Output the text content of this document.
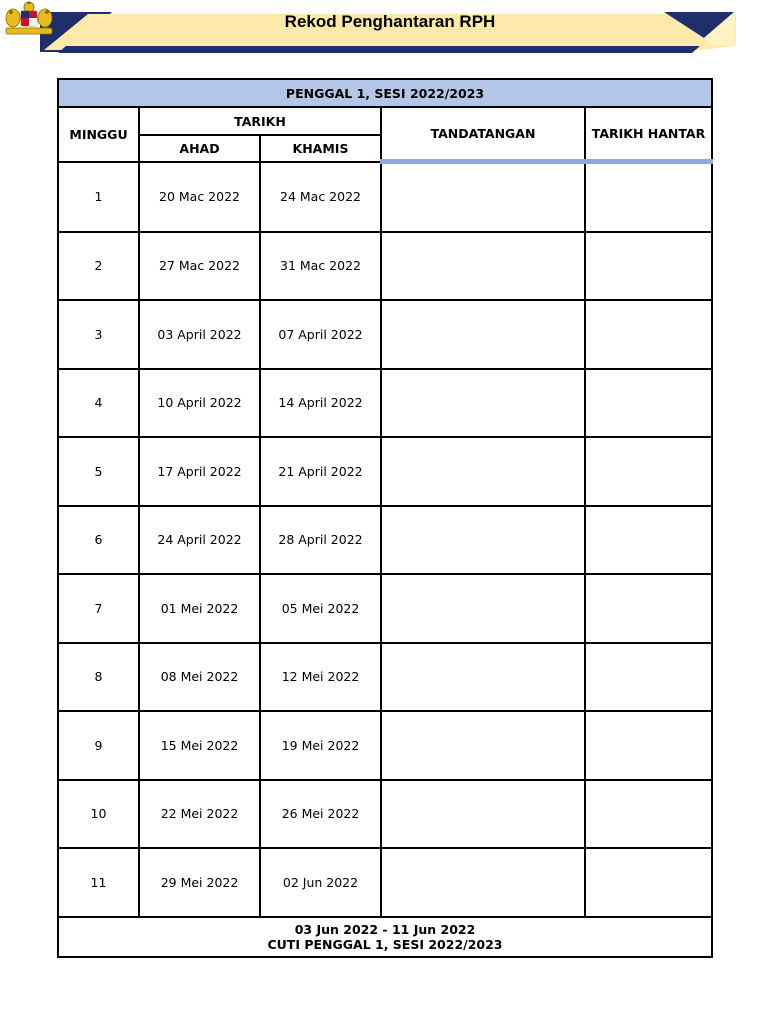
Rekod Penghantaran RPH
PENGGAL 1, SESI 2022/2023				
MINGGU	TARIKH		TANDATANGAN	TARIKH HANTAR
	AHAD	KHAMIS		
1	20 Mac 2022	24 Mac 2022		
2	27 Mac 2022	31 Mac 2022		
3	03 April 2022	07 April 2022		
4	10 April 2022	14 April 2022		
5	17 April 2022	21 April 2022		
6	24 April 2022	28 April 2022		
7	01 Mei 2022	05 Mei 2022		
8	08 Mei 2022	12 Mei 2022		
9	15 Mei 2022	19 Mei 2022		
10	22 Mei 2022	26 Mei 2022		
11	29 Mei 2022	02 Jun 2022		

03 Jun 2022 - 11 Jun 2022
CUTI PENGGAL 1, SESI 2022/2023				
